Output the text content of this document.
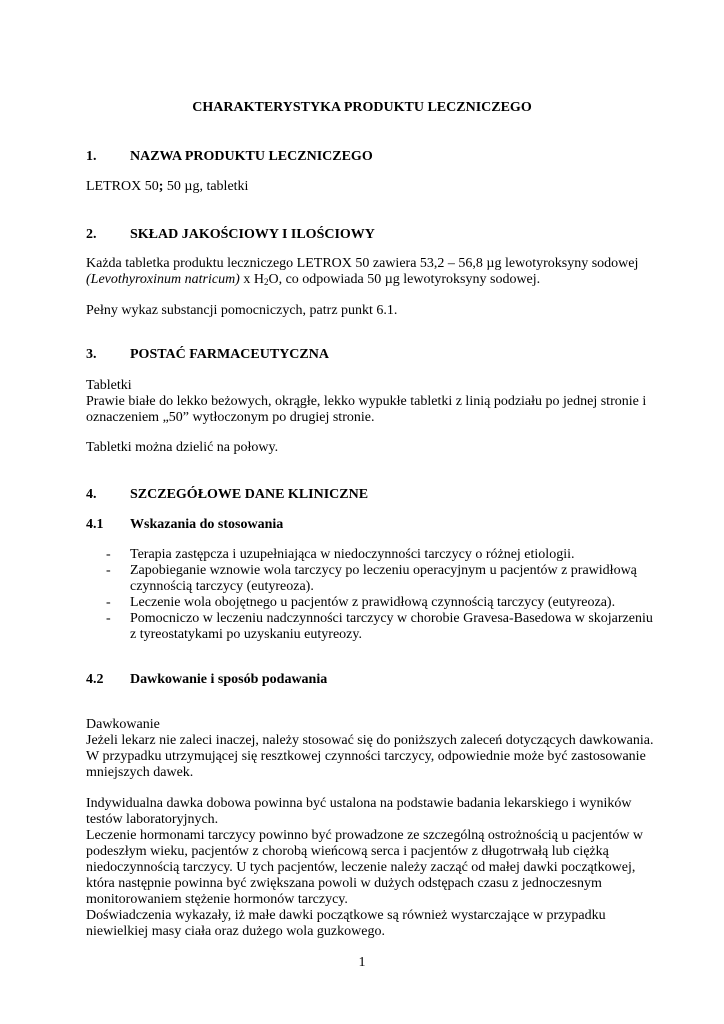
CHARAKTERYSTYKA PRODUKTU LECZNICZEGO
1. NAZWA PRODUKTU LECZNICZEGO
LETROX 50; 50 µg, tabletki
2. SKŁAD JAKOŚCIOWY I ILOŚCIOWY
Każda tabletka produktu leczniczego LETROX 50 zawiera 53,2 – 56,8 µg lewotyroksyny sodowej
(Levothyroxinum natricum) x $H_2O$, co odpowiada 50 µg lewotyroksyny sodowej.
Pełny wykaz substancji pomocniczych, patrz punkt 6.1.
3. POSTAĆ FARMACEUTYCZNA
Tabletki
Prawie białe do lekko beżowych, okrągłe, lekko wypukłe tabletki z linią podziału po jednej stronie i
oznaczeniem „50” wytłoczonym po drugiej stronie.
Tabletki można dzielić na połowy.
4. SZCZEGÓŁOWE DANE KLINICZNE
4.1 Wskazania do stosowania
- Terapia zastępcza i uzupełniająca w niedoczynności tarczycy o różnej etiologii.
- Zapobieganie wznowie wola tarczycy po leczeniu operacyjnym u pacjentów z prawidłową
czynnością tarczycy (eutyreoza).
- Leczenie wola obojętnego u pacjentów z prawidłową czynnością tarczycy (eutyreoza).
- Pomocniczo w leczeniu nadczynności tarczycy w chorobie Gravesa-Basedowa w skojarzeniu
z tyreostatykami po uzyskaniu eutyreozy.
4.2 Dawkowanie i sposób podawania
Dawkowanie
Jeżeli lekarz nie zaleci inaczej, należy stosować się do poniższych zaleceń dotyczących dawkowania.
W przypadku utrzymującej się resztkowej czynności tarczycy, odpowiednie może być zastosowanie
mniejszych dawek.
Indywidualna dawka dobowa powinna być ustalona na podstawie badania lekarskiego i wyników
testów laboratoryjnych.
Leczenie hormonami tarczycy powinno być prowadzone ze szczególną ostrożnością u pacjentów w
podeszłym wieku, pacjentów z chorobą wieńcową serca i pacjentów z długotrwałą lub ciężką
niedoczynnością tarczycy. U tych pacjentów, leczenie należy zacząć od małej dawki początkowej,
która następnie powinna być zwiększana powoli w dużych odstępach czasu z jednoczesnym
monitorowaniem stężenie hormonów tarczycy.
Doświadczenia wykazały, iż małe dawki początkowe są również wystarczające w przypadku
niewielkiej masy ciała oraz dużego wola guzkowego.
1
